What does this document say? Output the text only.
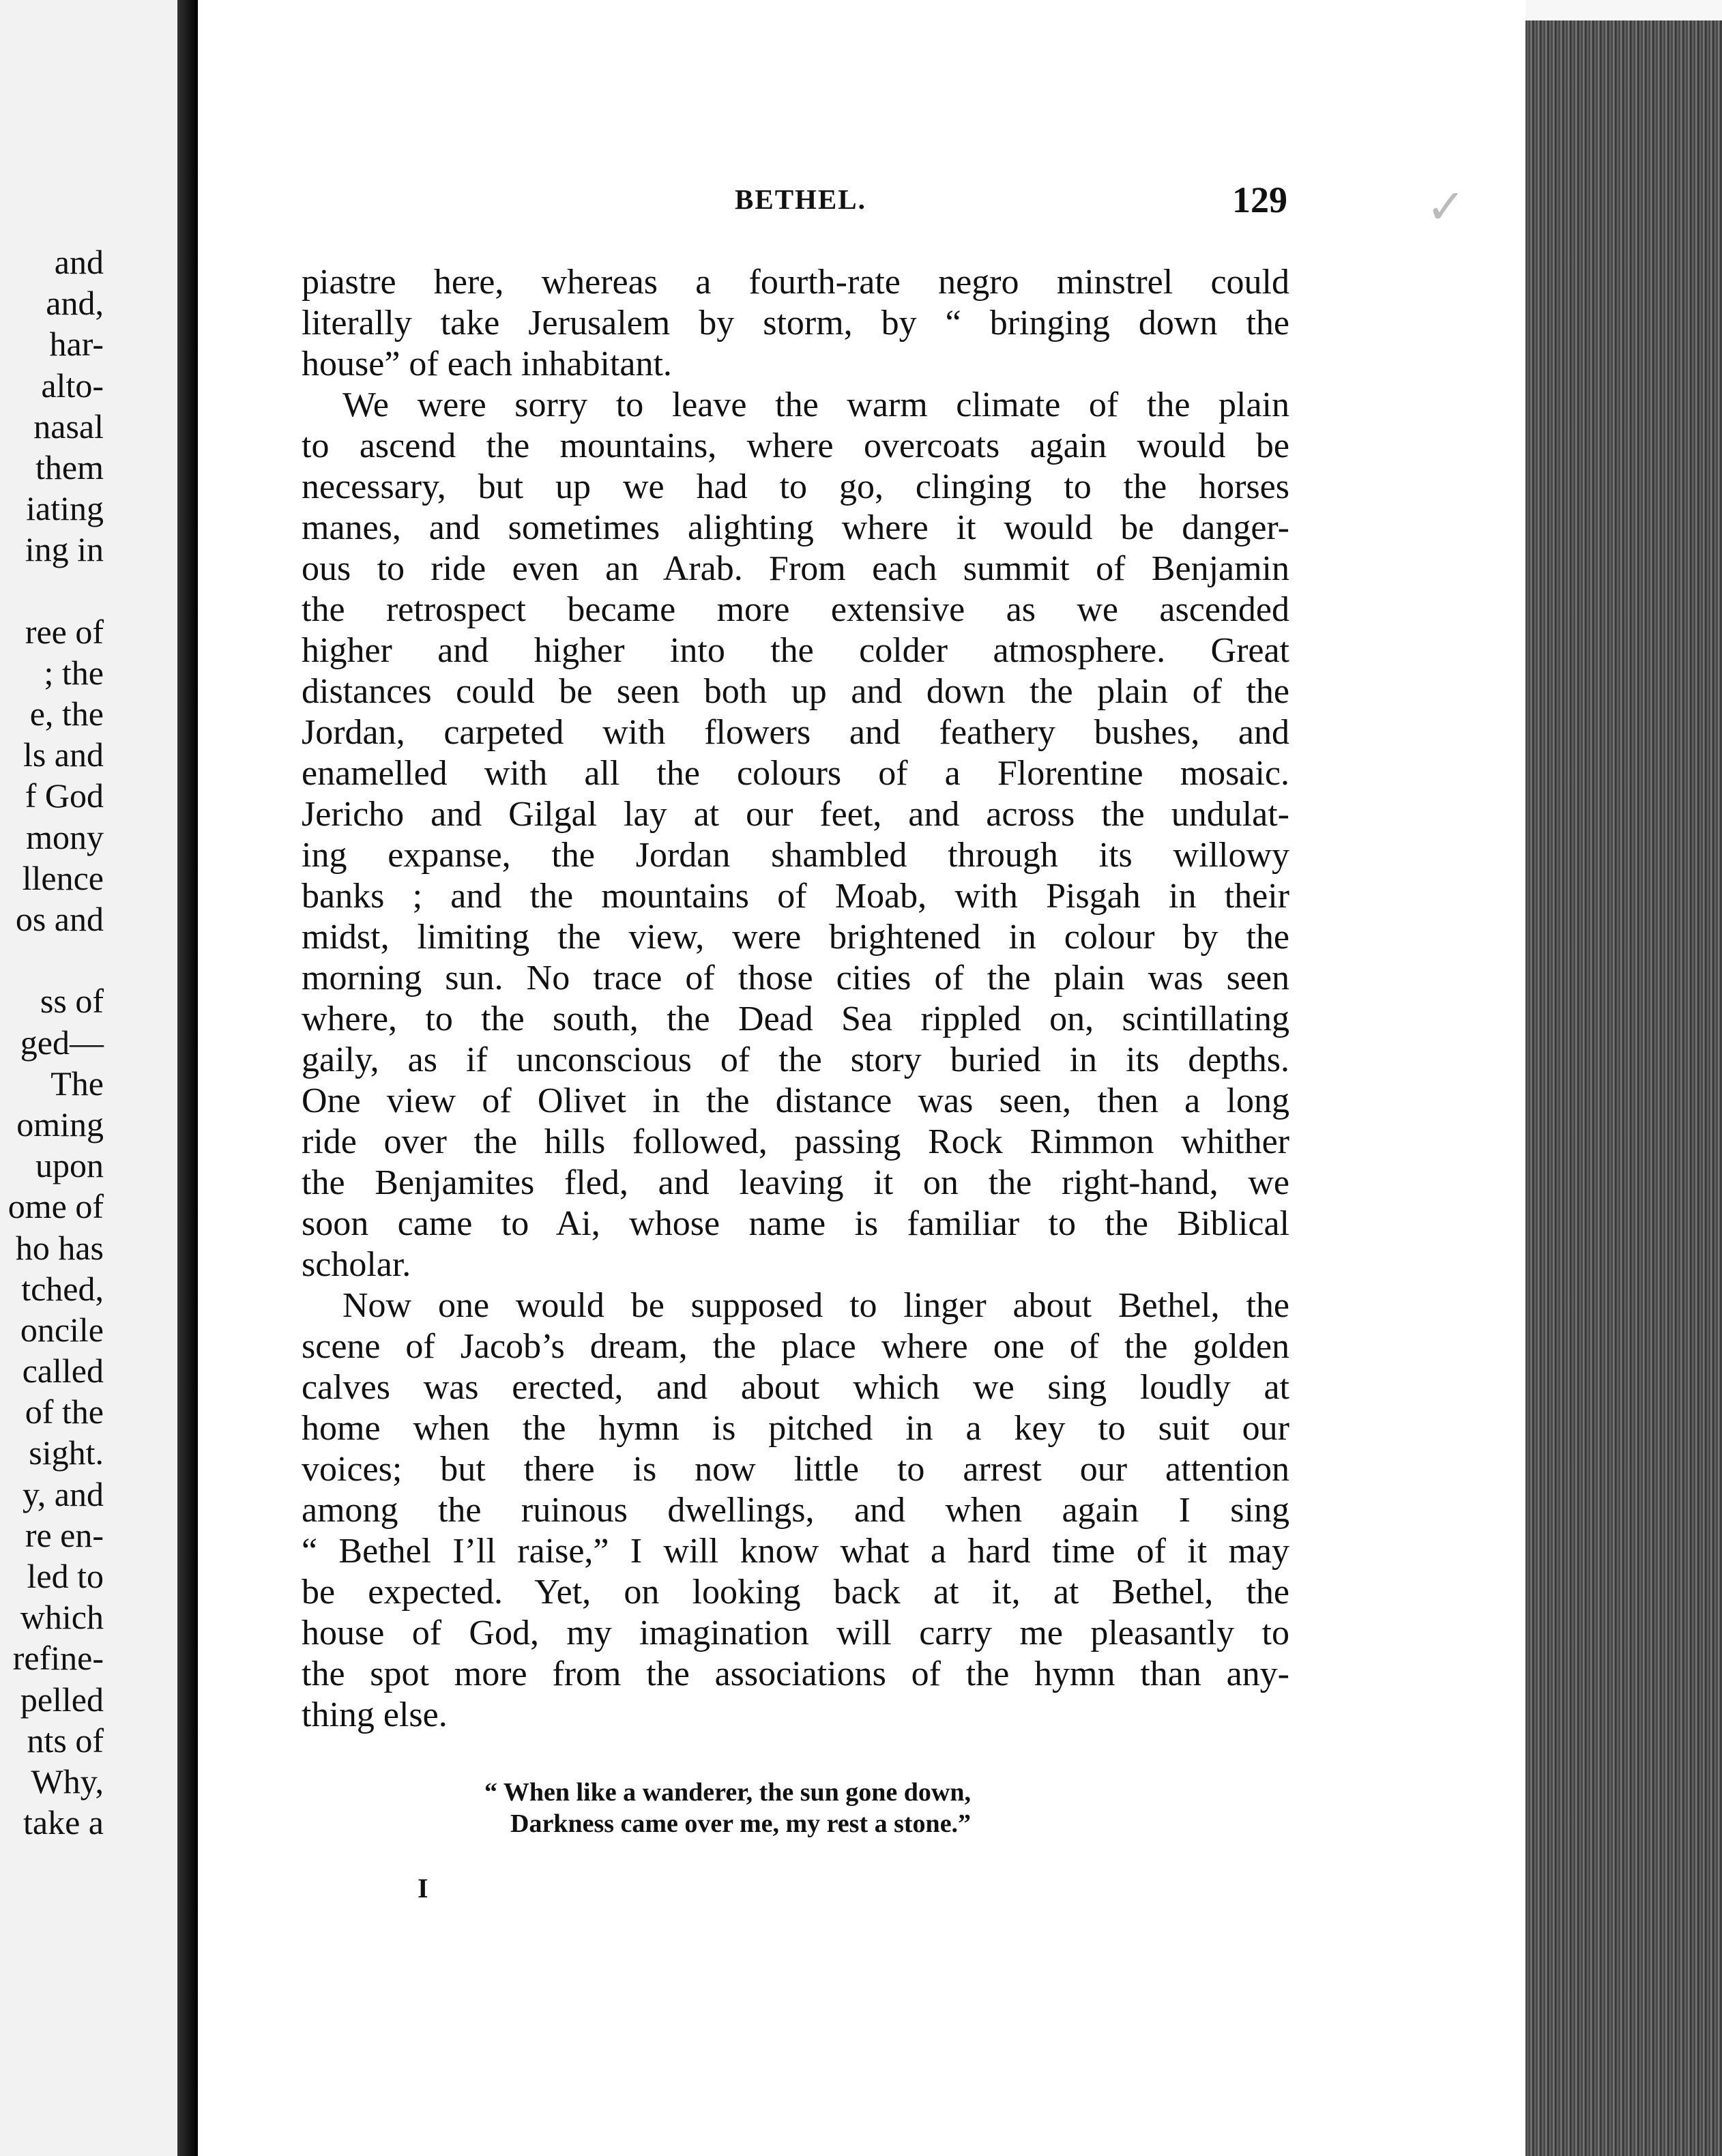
and
and,
har-
alto-
nasal
them
iating
ing in
ree of
; the
e, the
ls and
f God
mony
llence
os and
ss of
ged—
The
oming
upon
ome of
ho has
tched,
oncile
called
of the
sight.
y, and
re en-
led to
which
refine-
pelled
nts of
Why,
take a
✓
BETHEL.	129
piastre here, whereas a fourth-rate negro minstrel could
literally take Jerusalem by storm, by “ bringing down the
house” of each inhabitant.
We were sorry to leave the warm climate of the plain
to ascend the mountains, where overcoats again would be
necessary, but up we had to go, clinging to the horses
manes, and sometimes alighting where it would be danger-
ous to ride even an Arab. From each summit of Benjamin
the retrospect became more extensive as we ascended
higher and higher into the colder atmosphere. Great
distances could be seen both up and down the plain of the
Jordan, carpeted with flowers and feathery bushes, and
enamelled with all the colours of a Florentine mosaic.
Jericho and Gilgal lay at our feet, and across the undulat-
ing expanse, the Jordan shambled through its willowy
banks ; and the mountains of Moab, with Pisgah in their
midst, limiting the view, were brightened in colour by the
morning sun. No trace of those cities of the plain was seen
where, to the south, the Dead Sea rippled on, scintillating
gaily, as if unconscious of the story buried in its depths.
One view of Olivet in the distance was seen, then a long
ride over the hills followed, passing Rock Rimmon whither
the Benjamites fled, and leaving it on the right-hand, we
soon came to Ai, whose name is familiar to the Biblical
scholar.
Now one would be supposed to linger about Bethel, the
scene of Jacob’s dream, the place where one of the golden
calves was erected, and about which we sing loudly at
home when the hymn is pitched in a key to suit our
voices; but there is now little to arrest our attention
among the ruinous dwellings, and when again I sing
“ Bethel I’ll raise,” I will know what a hard time of it may
be expected. Yet, on looking back at it, at Bethel, the
house of God, my imagination will carry me pleasantly to
the spot more from the associations of the hymn than any-
thing else.
“ When like a wanderer, the sun gone down,
Darkness came over me, my rest a stone.”
I
